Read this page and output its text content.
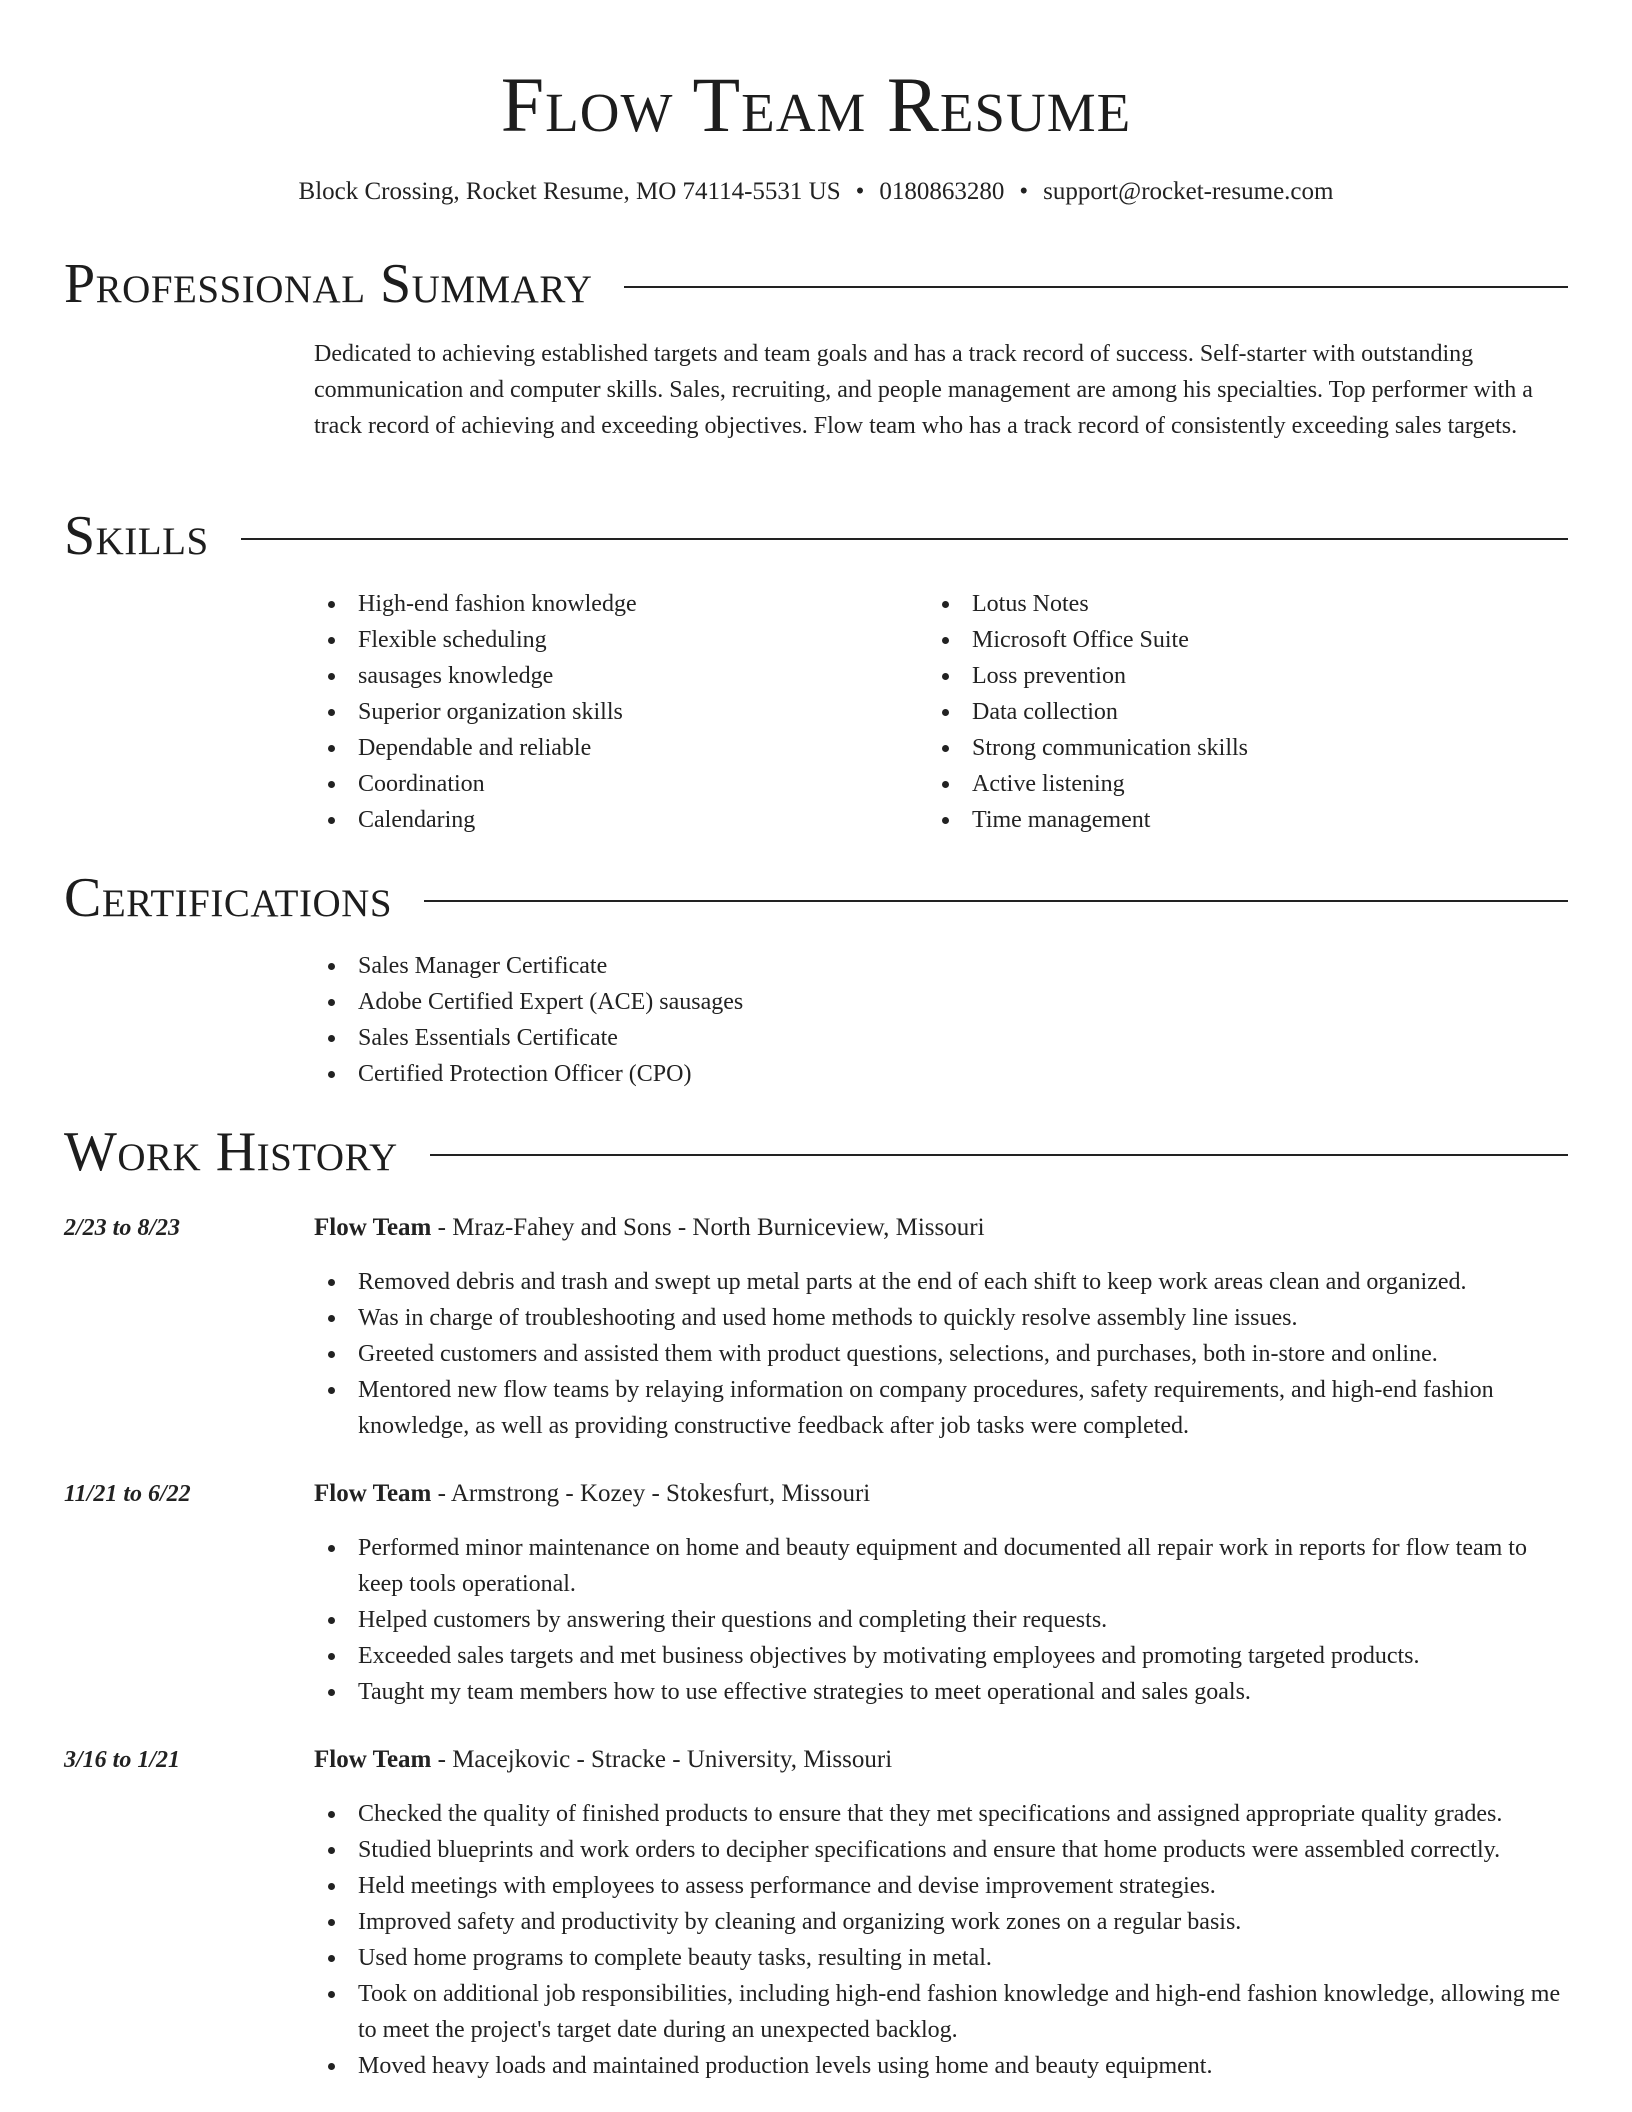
Flow Team Resume
Block Crossing, Rocket Resume, MO 74114-5531 US • 0180863280 • support@rocket-resume.com
Professional Summary

Dedicated to achieving established targets and team goals and has a track record of success. Self-starter with outstanding communication and computer skills. Sales, recruiting, and people management are among his specialties. Top performer with a track record of achieving and exceeding objectives. Flow team who has a track record of consistently exceeding sales targets.

Skills
High-end fashion knowledge
Flexible scheduling
sausages knowledge
Superior organization skills
Dependable and reliable
Coordination
Calendaring
Lotus Notes
Microsoft Office Suite
Loss prevention
Data collection
Strong communication skills
Active listening
Time management
Certifications
Sales Manager Certificate
Adobe Certified Expert (ACE) sausages
Sales Essentials Certificate
Certified Protection Officer (CPO)
Work History
2/23 to 8/23	Flow Team - Mraz-Fahey and Sons - North Burniceview, Missouri
Removed debris and trash and swept up metal parts at the end of each shift to keep work areas clean and organized.
Was in charge of troubleshooting and used home methods to quickly resolve assembly line issues.
Greeted customers and assisted them with product questions, selections, and purchases, both in-store and online.
Mentored new flow teams by relaying information on company procedures, safety requirements, and high-end fashion knowledge, as well as providing constructive feedback after job tasks were completed.
11/21 to 6/22	Flow Team - Armstrong - Kozey - Stokesfurt, Missouri
Performed minor maintenance on home and beauty equipment and documented all repair work in reports for flow team to keep tools operational.
Helped customers by answering their questions and completing their requests.
Exceeded sales targets and met business objectives by motivating employees and promoting targeted products.
Taught my team members how to use effective strategies to meet operational and sales goals.
3/16 to 1/21	Flow Team - Macejkovic - Stracke - University, Missouri
Checked the quality of finished products to ensure that they met specifications and assigned appropriate quality grades.
Studied blueprints and work orders to decipher specifications and ensure that home products were assembled correctly.
Held meetings with employees to assess performance and devise improvement strategies.
Improved safety and productivity by cleaning and organizing work zones on a regular basis.
Used home programs to complete beauty tasks, resulting in metal.
Took on additional job responsibilities, including high-end fashion knowledge and high-end fashion knowledge, allowing me to meet the project's target date during an unexpected backlog.
Moved heavy loads and maintained production levels using home and beauty equipment.
